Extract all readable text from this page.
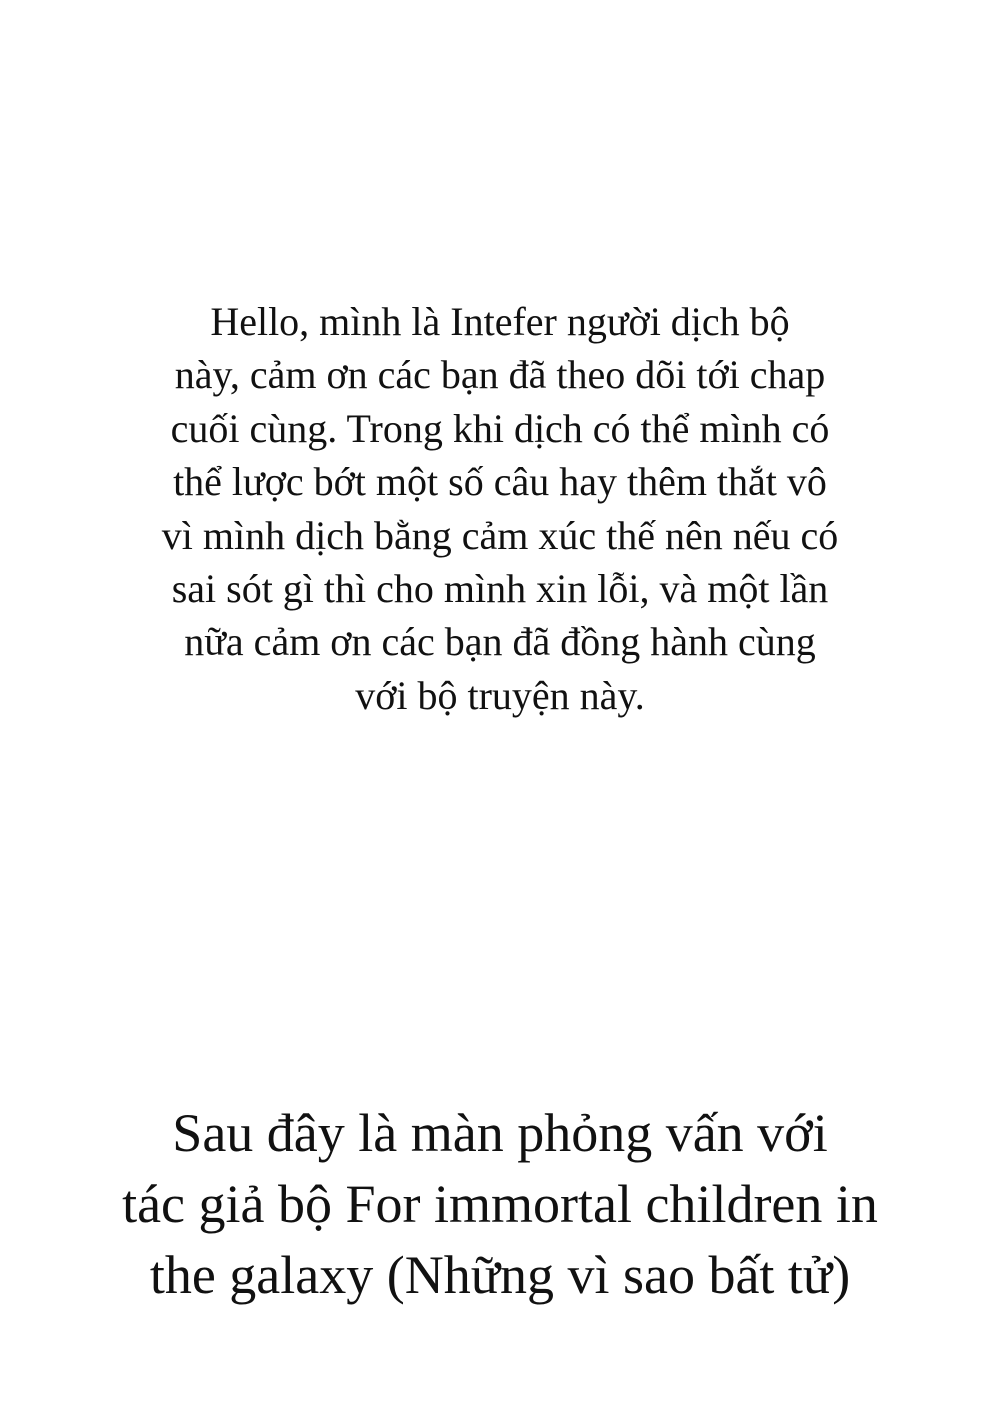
Hello, mình là Intefer người dịch bộ
này, cảm ơn các bạn đã theo dõi tới chap
cuối cùng. Trong khi dịch có thể mình có
thể lược bớt một số câu hay thêm thắt vô
vì mình dịch bằng cảm xúc thế nên nếu có
sai sót gì thì cho mình xin lỗi, và một lần
nữa cảm ơn các bạn đã đồng hành cùng
với bộ truyện này.
Sau đây là màn phỏng vấn với
tác giả bộ For immortal children in
the galaxy (Những vì sao bất tử)
